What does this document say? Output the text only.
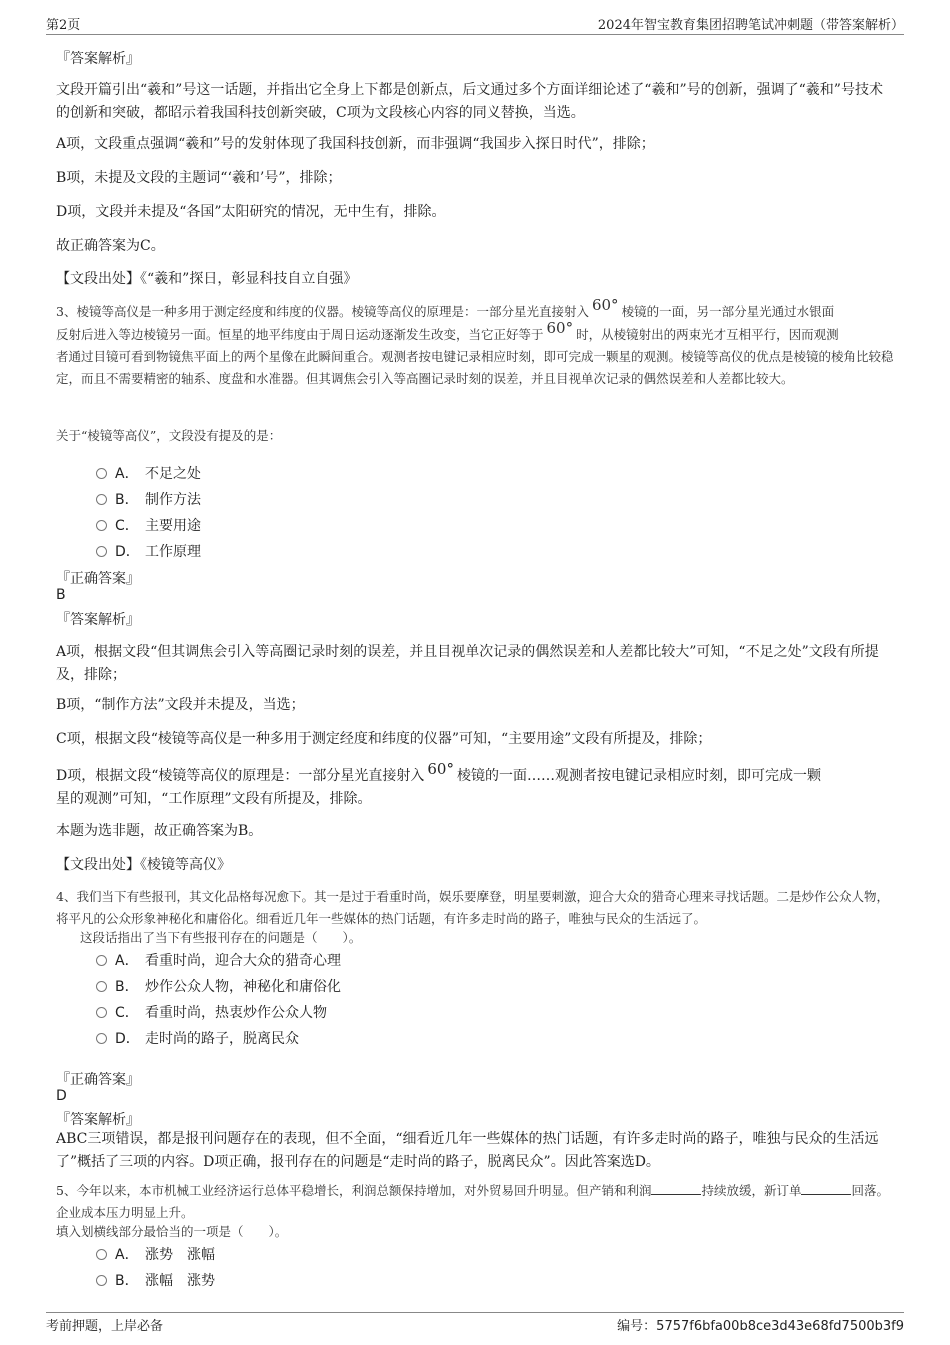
第2页	2024年智宝教育集团招聘笔试冲刺题（带答案解析）
『答案解析』
文段开篇引出“羲和”号这一话题，并指出它全身上下都是创新点，后文通过多个方面详细论述了“羲和”号的创新，强调了“羲和”号技术的创新和突破，都昭示着我国科技创新突破，C项为文段核心内容的同义替换，当选。
A项，文段重点强调“羲和”号的发射体现了我国科技创新，而非强调“我国步入探日时代”，排除；
B项，未提及文段的主题词“‘羲和’号”，排除；
D项，文段并未提及“各国”太阳研究的情况，无中生有，排除。
故正确答案为C。
【文段出处】《“羲和”探日，彰显科技自立自强》
3、棱镜等高仪是一种多用于测定经度和纬度的仪器。棱镜等高仪的原理是：一部分星光直接射入 60° 棱镜的一面，另一部分星光通过水银面
反射后进入等边棱镜另一面。恒星的地平纬度由于周日运动逐渐发生改变，当它正好等于 60° 时，从棱镜射出的两束光才互相平行，因而观测
者通过目镜可看到物镜焦平面上的两个星像在此瞬间重合。观测者按电键记录相应时刻，即可完成一颗星的观测。棱镜等高仪的优点是棱镜的棱角比较稳定，而且不需要精密的轴系、度盘和水准器。但其调焦会引入等高圈记录时刻的误差，并且目视单次记录的偶然误差和人差都比较大。
关于“棱镜等高仪”，文段没有提及的是：
A． 不足之处
B． 制作方法
C． 主要用途
D． 工作原理
『正确答案』
B
『答案解析』
A项，根据文段“但其调焦会引入等高圈记录时刻的误差，并且目视单次记录的偶然误差和人差都比较大”可知，“不足之处”文段有所提及，排除；
B项，“制作方法”文段并未提及，当选；
C项，根据文段“棱镜等高仪是一种多用于测定经度和纬度的仪器”可知，“主要用途”文段有所提及，排除；
D项，根据文段“棱镜等高仪的原理是：一部分星光直接射入 60° 棱镜的一面……观测者按电键记录相应时刻，即可完成一颗
星的观测”可知，“工作原理”文段有所提及，排除。
本题为选非题，故正确答案为B。
【文段出处】《棱镜等高仪》
4、我们当下有些报刊，其文化品格每况愈下。其一是过于看重时尚，娱乐要摩登，明星要刺激，迎合大众的猎奇心理来寻找话题。二是炒作公众人物，将平凡的公众形象神秘化和庸俗化。细看近几年一些媒体的热门话题，有许多走时尚的路子，唯独与民众的生活远了。
这段话指出了当下有些报刊存在的问题是（　　）。
A． 看重时尚，迎合大众的猎奇心理
B． 炒作公众人物，神秘化和庸俗化
C． 看重时尚，热衷炒作公众人物
D． 走时尚的路子，脱离民众
『正确答案』
D
『答案解析』
ABC三项错误，都是报刊问题存在的表现，但不全面，“细看近几年一些媒体的热门话题，有许多走时尚的路子，唯独与民众的生活远了”概括了三项的内容。D项正确，报刊存在的问题是“走时尚的路子，脱离民众”。因此答案选D。
5、今年以来，本市机械工业经济运行总体平稳增长，利润总额保持增加，对外贸易回升明显。但产销和利润	持续放缓，新订单	回落。企业成本压力明显上升。
填入划横线部分最恰当的一项是（　　）。
A． 涨势　涨幅
B． 涨幅　涨势
考前押题，上岸必备	编号：5757f6bfa00b8ce3d43e68fd7500b3f9
